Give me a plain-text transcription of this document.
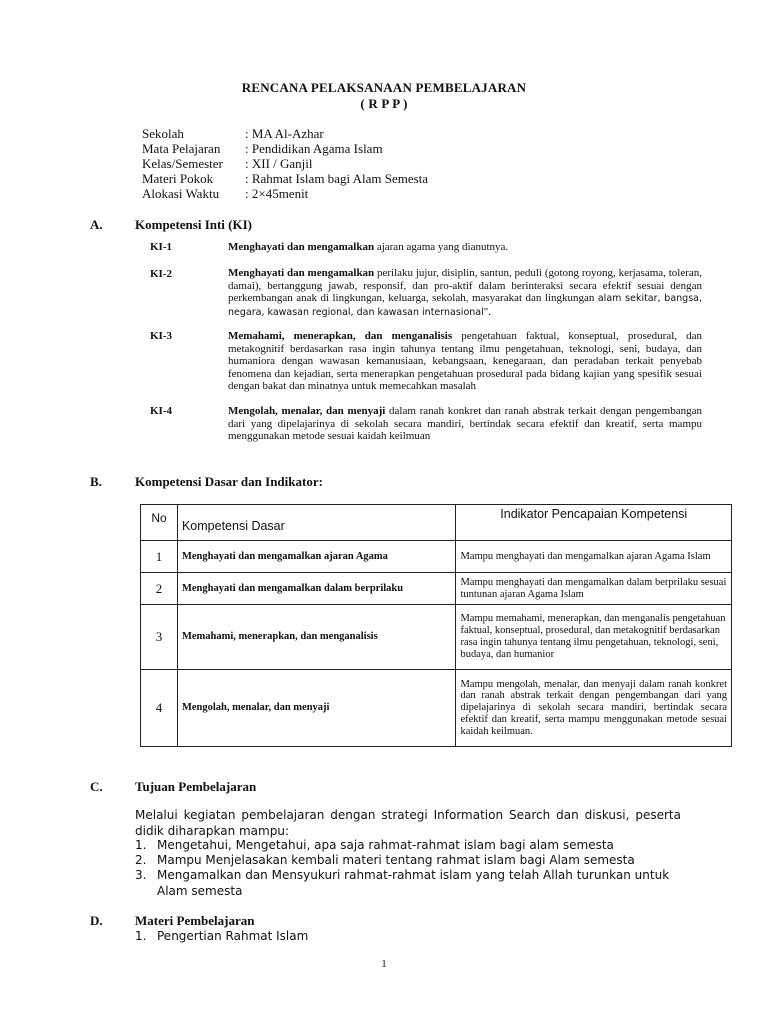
RENCANA PELAKSANAAN PEMBELAJARAN
( R P P )
Sekolah	: MA Al-Azhar
Mata Pelajaran : Pendidikan Agama Islam
Kelas/Semester : XII / Ganjil
Materi Pokok : Rahmat Islam bagi Alam Semesta
Alokasi Waktu : 2×45menit
A. Kompetensi Inti (KI)
KI-1	Menghayati dan mengamalkan ajaran agama yang dianutnya.
KI-2	Menghayati dan mengamalkan perilaku jujur, disiplin, santun, peduli (gotong royong, kerjasama, toleran, damai), bertanggung jawab, responsif, dan pro-aktif dalam berinteraksi secara efektif sesuai dengan perkembangan anak di lingkungan, keluarga, sekolah, masyarakat dan lingkungan alam sekitar, bangsa, negara, kawasan regional, dan kawasan internasional".
KI-3	Memahami, menerapkan, dan menganalisis pengetahuan faktual, konseptual, prosedural, dan metakognitif berdasarkan rasa ingin tahunya tentang ilmu pengetahuan, teknologi, seni, budaya, dan humaniora dengan wawasan kemanusiaan, kebangsaan, kenegaraan, dan peradaban terkait penyebab fenomena dan kejadian, serta menerapkan pengetahuan prosedural pada bidang kajian yang spesifik sesuai dengan bakat dan minatnya untuk memecahkan masalah
KI-4	Mengolah, menalar, dan menyaji dalam ranah konkret dan ranah abstrak terkait dengan pengembangan dari yang dipelajarinya di sekolah secara mandiri, bertindak secara efektif dan kreatif, serta mampu menggunakan metode sesuai kaidah keilmuan
B.	Kompetensi Dasar dan Indikator:
No	Kompetensi Dasar	Indikator Pencapaian Kompetensi
1	Menghayati dan mengamalkan ajaran Agama	Mampu menghayati dan mengamalkan ajaran Agama Islam
2	Menghayati dan mengamalkan dalam berprilaku	Mampu menghayati dan mengamalkan dalam berprilaku sesuai tuntunan ajaran Agama Islam
3	Memahami, menerapkan, dan menganalisis	Mampu memahami, menerapkan, dan menganalis pengetahuan faktual, konseptual, prosedural, dan metakognitif berdasarkan rasa ingin tahunya tentang ilmu pengetahuan, teknologi, seni, budaya, dan humanior
4	Mengolah, menalar, dan menyaji	Mampu mengolah, menalar, dan menyaji dalam ranah konkret dan ranah abstrak terkait dengan pengembangan dari yang dipelajarinya di sekolah secara mandiri, bertindak secara efektif dan kreatif, serta mampu menggunakan metode sesuai kaidah keilmuan.
C. Tujuan Pembelajaran
Melalui kegiatan pembelajaran dengan strategi Information Search dan diskusi, peserta didik diharapkan mampu:
1. Mengetahui, Mengetahui, apa saja rahmat-rahmat islam bagi alam semesta
2. Mampu Menjelasakan kembali materi tentang rahmat islam bagi Alam semesta
3. Mengamalkan dan Mensyukuri rahmat-rahmat islam yang telah Allah turunkan untuk Alam semesta
D. Materi Pembelajaran
1. Pengertian Rahmat Islam
1
